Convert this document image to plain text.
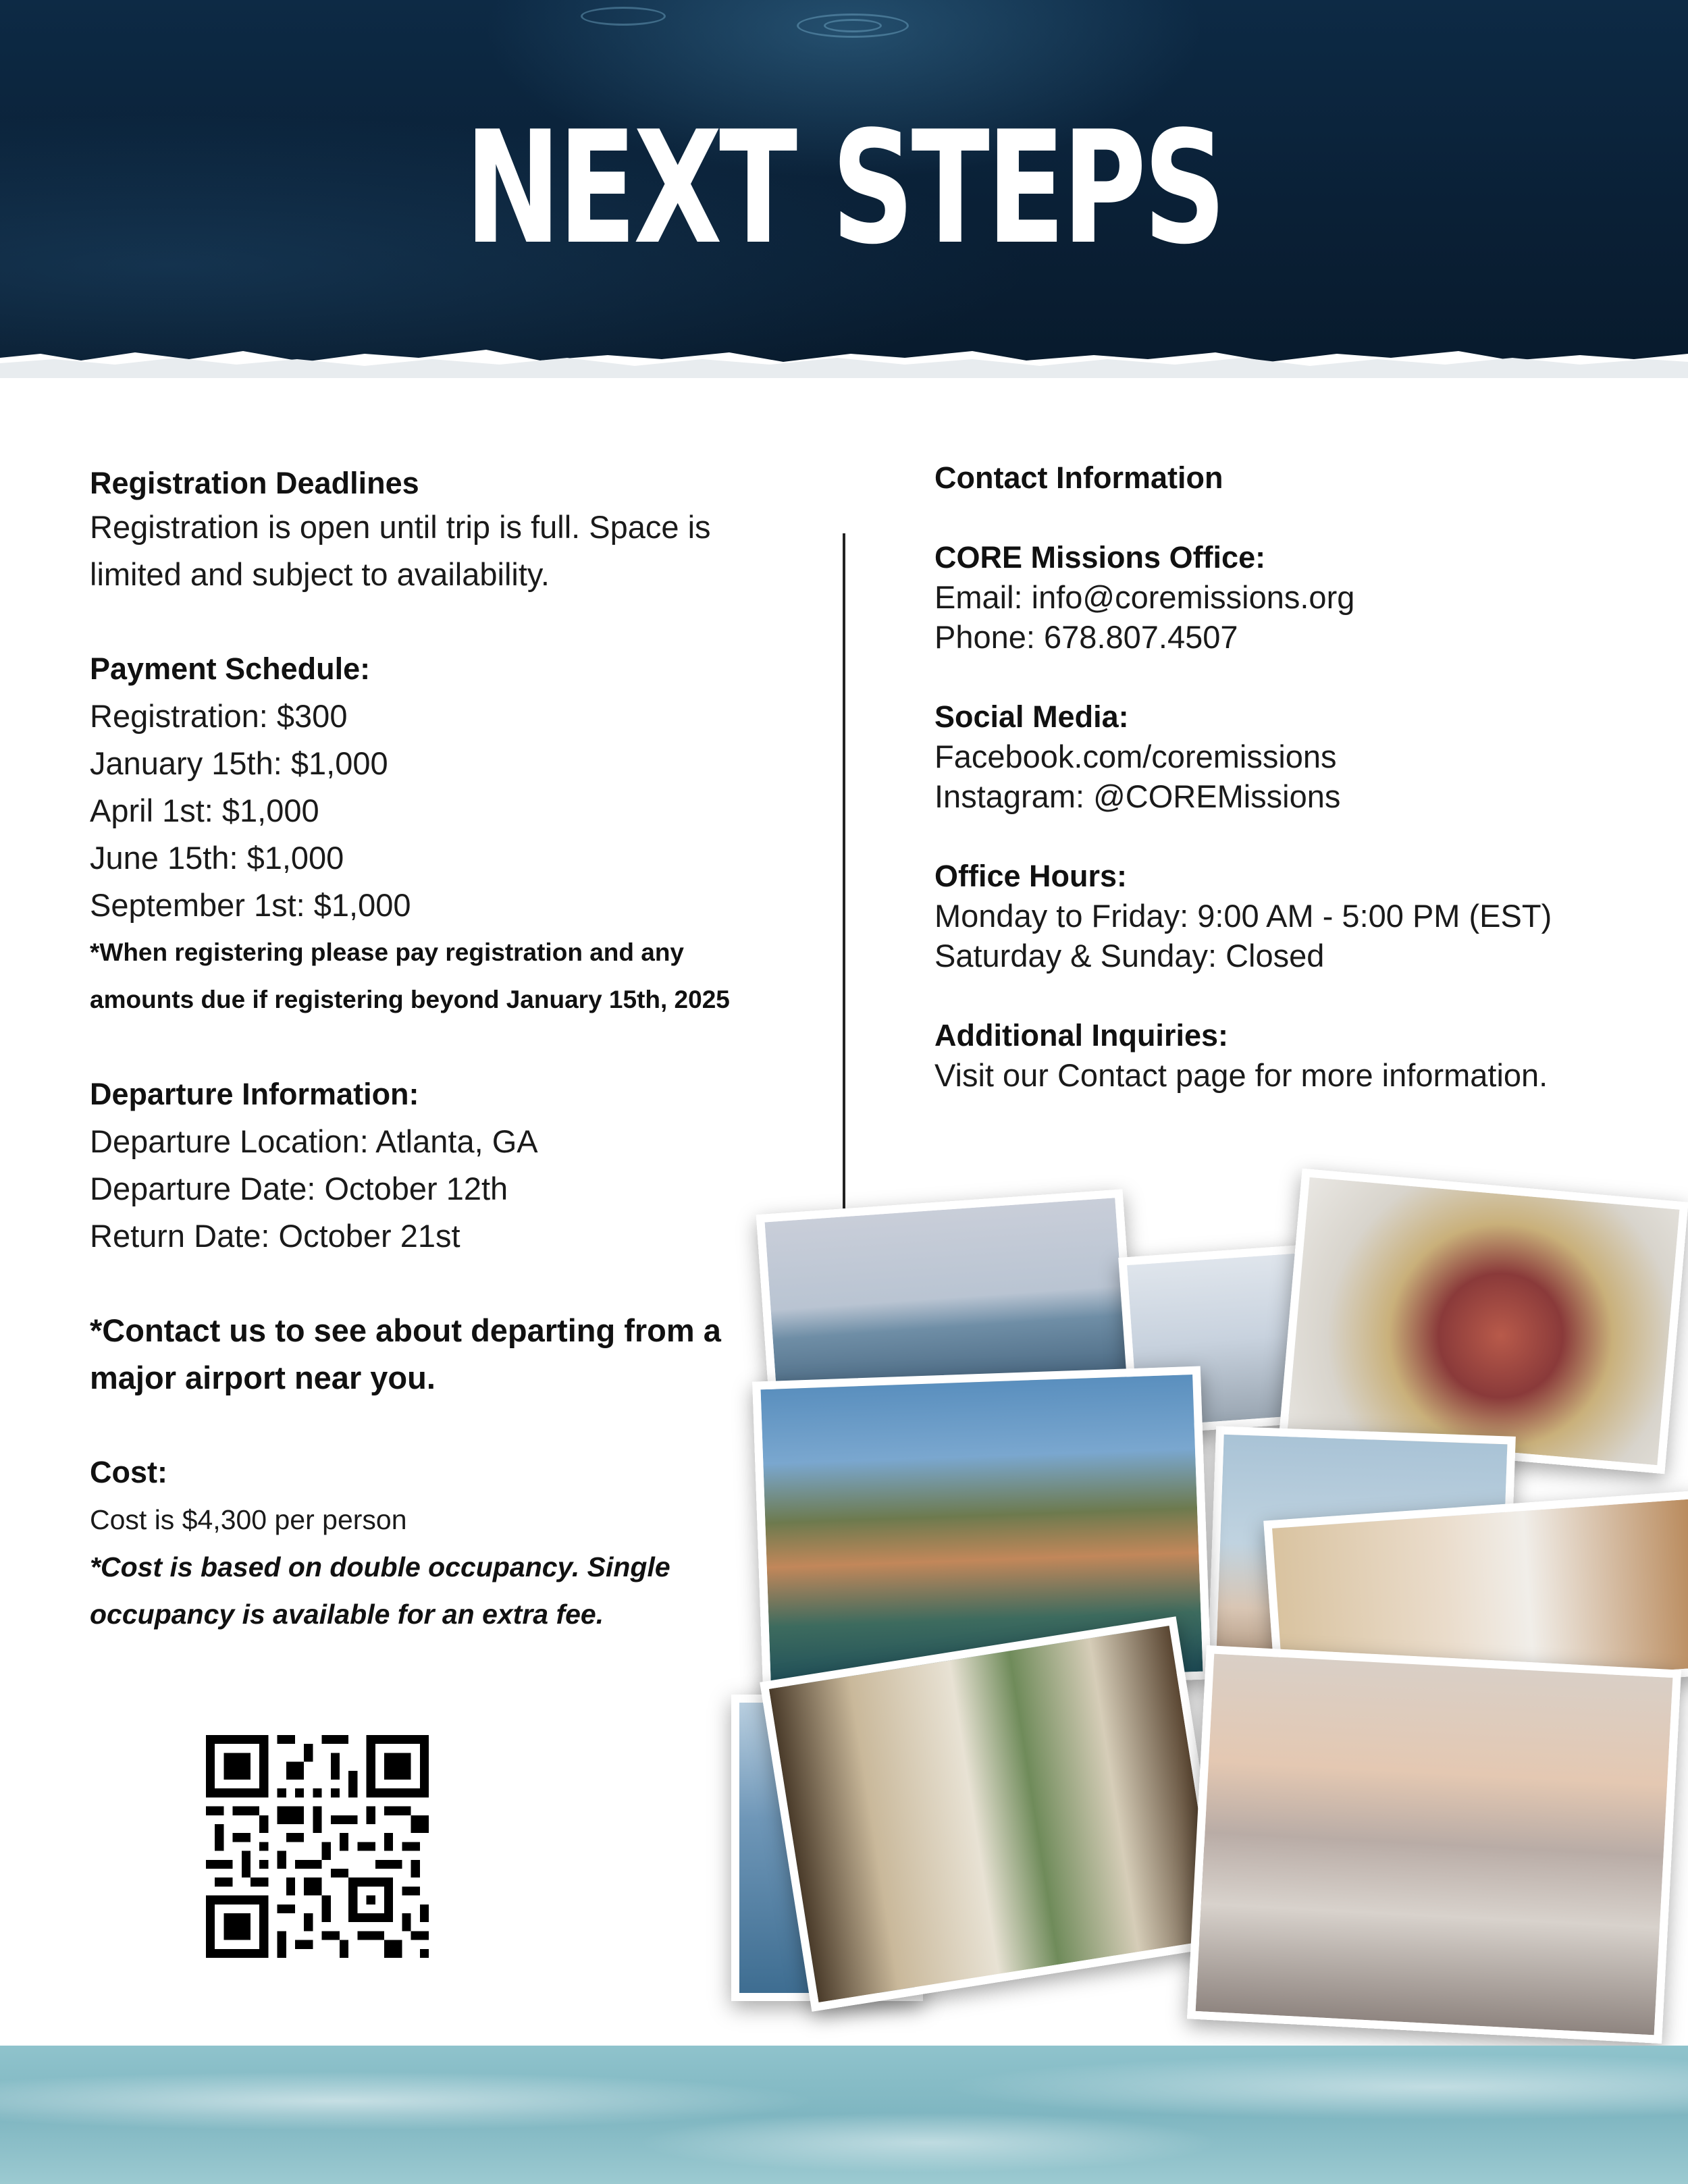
NEXT STEPS
Registration Deadlines
Registration is open until trip is full. Space is
limited and subject to availability.
Payment Schedule:
Registration: $300
January 15th: $1,000
April 1st: $1,000
June 15th: $1,000
September 1st: $1,000
*When registering please pay registration and any
amounts due if registering beyond January 15th, 2025
Departure Information:
Departure Location: Atlanta, GA
Departure Date: October 12th
Return Date: October 21st
*Contact us to see about departing from a
major airport near you.
Cost:
Cost is $4,300 per person
*Cost is based on double occupancy. Single
occupancy is available for an extra fee.
Contact Information
CORE Missions Office:
Email: info@coremissions.org
Phone: 678.807.4507
Social Media:
Facebook.com/coremissions
Instagram: @COREMissions
Office Hours:
Monday to Friday: 9:00 AM - 5:00 PM (EST)
Saturday & Sunday: Closed
Additional Inquiries:
Visit our Contact page for more information.
